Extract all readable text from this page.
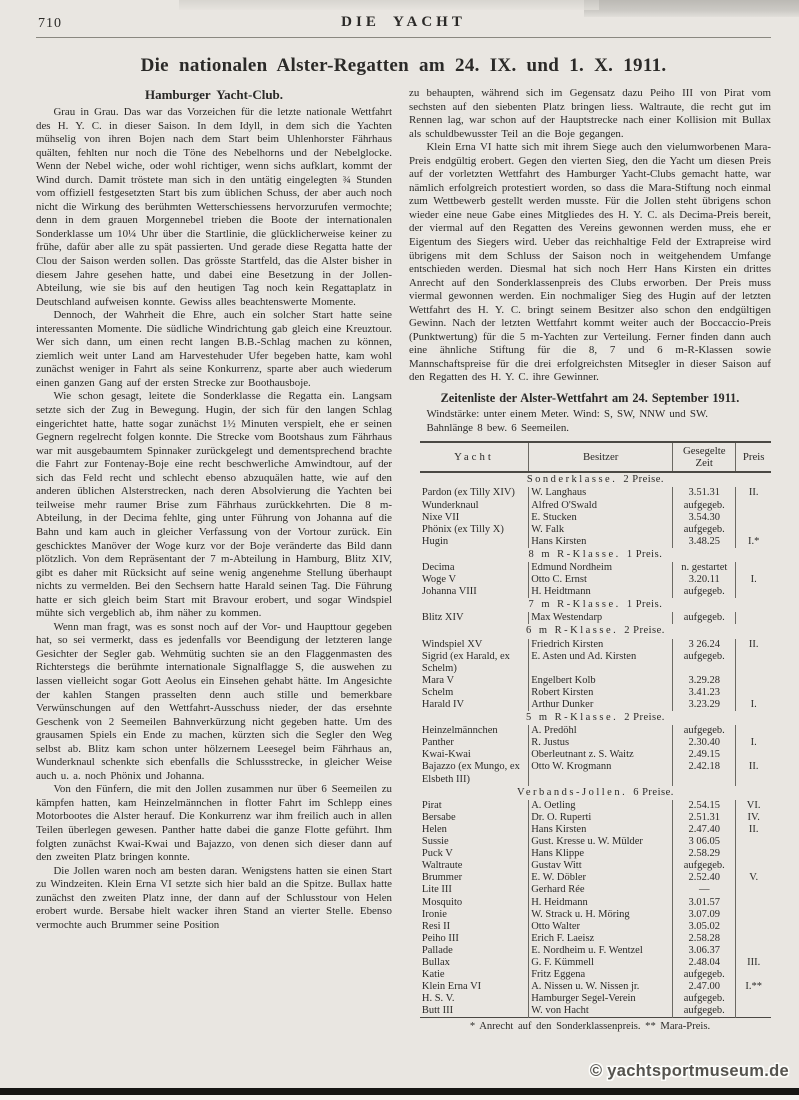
710	DIE YACHT
Die nationalen Alster-Regatten am 24. IX. und 1. X. 1911.
Hamburger Yacht-Club.

Grau in Grau. Das war das Vorzeichen für die letzte nationale Wettfahrt des H. Y. C. in dieser Saison. In dem Idyll, in dem sich die Yachten mühselig von ihren Bojen nach dem Start beim Uhlenhorster Fährhaus quälten, fehlten nur noch die Töne des Nebelhorns und der Nebelglocke. Wenn der Nebel wiche, oder wohl richtiger, wenn sichs aufklart, kommt der Wind durch. Damit tröstete man sich in den untätig eingelegten ¾ Stunden vom offiziell festgesetzten Start bis zum üblichen Schuss, der aber auch noch nicht die Wirkung des berühmten Wetterschiessens hervorzurufen vermochte; denn in dem grauen Morgennebel trieben die Boote der internationalen Sonderklasse um 10¼ Uhr über die Startlinie, die glücklicherweise keiner zu frühe, dafür aber alle zu spät passierten. Und gerade diese Regatta hatte der Clou der Saison werden sollen. Das grösste Startfeld, das die Alster bisher in diesem Jahre gesehen hatte, und dabei eine Besetzung in der Jollen-Abteilung, wie sie bis auf den heutigen Tag noch kein Regattaplatz in Deutschland aufweisen konnte. Gewiss alles beachtenswerte Momente.

Dennoch, der Wahrheit die Ehre, auch ein solcher Start hatte seine interessanten Momente. Die südliche Windrichtung gab gleich eine Kreuztour. Wer sich dann, um einen recht langen B.B.-Schlag machen zu können, ziemlich weit unter Land am Harvestehuder Ufer begeben hatte, kam wohl zunächst weniger in Fahrt als seine Konkurrenz, sparte aber auch wiederum einen ganzen Gang auf der ersten Strecke zur Boothausboje.

Wie schon gesagt, leitete die Sonderklasse die Regatta ein. Langsam setzte sich der Zug in Bewegung. Hugin, der sich für den langen Schlag eingerichtet hatte, hatte sogar zunächst 1½ Minuten verspielt, ehe er seinen Gegnern regelrecht folgen konnte. Die Strecke vom Bootshaus zum Fährhaus war mit ausgebaumtem Spinnaker zurückgelegt und dementsprechend brachte die Fahrt zur Fontenay-Boje eine recht beschwerliche Amwindtour, auf der sich das Feld recht und schlecht ebenso abzuquälen hatte, wie auf den anderen üblichen Alsterstrecken, nach deren Absolvierung die Yachten bei teilweise mehr raumer Brise zum Fährhaus zurückkehrten. Die 8 m-Abteilung, in der Decima fehlte, ging unter Führung von Johanna auf die Bahn und kam auch in gleicher Verfassung von der Vortour zurück. Ein geschicktes Manöver der Woge kurz vor der Boje veränderte das Bild dann plötzlich. Von dem Repräsentant der 7 m-Abteilung in Hamburg, Blitz XIV, gibt es daher mit Rücksicht auf seine wenig angenehme Stellung überhaupt nichts zu vermelden. Bei den Sechsern hatte Harald seinen Tag. Die Führung hatte er sich gleich beim Start mit Bravour erobert, und sogar Windspiel mühte sich vergeblich ab, ihm näher zu kommen.

Wenn man fragt, was es sonst noch auf der Vor- und Haupttour gegeben hat, so sei vermerkt, dass es jedenfalls vor Beendigung der letzteren lange Gesichter der Segler gab. Wehmütig suchten sie an den Flaggenmasten des Richterstegs die berühmte internationale Signalflagge S, die auswehen zu lassen vielleicht sogar Gott Aeolus ein Einsehen gehabt hätte. Im Angesichte der kahlen Stangen prasselten denn auch stille und bemerkbare Verwünschungen auf den Wettfahrt-Ausschuss nieder, der das ersehnte Geschenk von 2 Seemeilen Bahnverkürzung nicht gegeben hatte. Um des grausamen Spiels ein Ende zu machen, kürzten sich die Segler den Weg selbst ab. Blitz kam schon unter hölzernem Leesegel beim Fährhaus an, Wunderknaul schenkte sich ebenfalls die Schlussstrecke, in gleicher Weise auch u. a. noch Phönix und Johanna.

Von den Fünfern, die mit den Jollen zusammen nur über 6 Seemeilen zu kämpfen hatten, kam Heinzelmännchen in flotter Fahrt im Schlepp eines Motorbootes die Alster herauf. Die Konkurrenz war ihm freilich auch in allen Teilen überlegen gewesen. Panther hatte dabei die ganze Flotte geführt. Ihm folgten zunächst Kwai-Kwai und Bajazzo, von denen sich dieser dann auf den zweiten Platz bringen konnte.

Die Jollen waren noch am besten daran. Wenigstens hatten sie einen Start zu Windzeiten. Klein Erna VI setzte sich hier bald an die Spitze. Bullax hatte zunächst den zweiten Platz inne, der dann auf der Schlusstour von Helen erobert wurde. Bersabe hielt wacker ihren Stand an vierter Stelle. Ebenso vermochte auch Brummer seine Position

zu behaupten, während sich im Gegensatz dazu Peiho III von Pirat vom sechsten auf den siebenten Platz bringen liess. Waltraute, die recht gut im Rennen lag, war schon auf der Hauptstrecke nach einer Kollision mit Bullax als schuldbewusster Teil an die Boje gegangen.

Klein Erna VI hatte sich mit ihrem Siege auch den vielumworbenen Mara-Preis endgültig erobert. Gegen den vierten Sieg, den die Yacht um diesen Preis auf der vorletzten Wettfahrt des Hamburger Yacht-Clubs gemacht hatte, war nämlich erfolgreich protestiert worden, so dass die Mara-Stiftung noch einmal zum Wettbewerb gestellt werden musste. Für die Jollen steht übrigens schon wieder eine neue Gabe eines Mitgliedes des H. Y. C. als Decima-Preis bereit, der viermal auf den Regatten des Vereins gewonnen werden muss, ehe er Eigentum des Siegers wird. Ueber das reichhaltige Feld der Extrapreise wird übrigens mit dem Schluss der Saison noch in weitgehendem Umfange entschieden werden. Diesmal hat sich noch Herr Hans Kirsten ein drittes Anrecht auf den Sonderklassenpreis des Clubs erworben. Der Preis muss viermal gewonnen werden. Ein nochmaliger Sieg des Hugin auf der letzten Wettfahrt des H. Y. C. bringt seinem Besitzer also schon den endgültigen Gewinn. Nach der letzten Wettfahrt kommt weiter auch der Boccaccio-Preis (Punktwertung) für die 5 m-Yachten zur Verteilung. Ferner finden dann auch eine ähnliche Stiftung für die 8, 7 und 6 m-R-Klassen sowie Mannschaftspreise für die drei erfolgreichsten Mitsegler in dieser Saison auf den Regatten des H. Y. C. ihre Gewinner.

Zeitenliste der Alster-Wettfahrt am 24. September 1911.

Windstärke: unter einem Meter. Wind: S, SW, NNW und SW.

Bahnlänge 8 bew. 6 Seemeilen.

Yacht	Besitzer	Gesegelte Zeit	Preis
Sonderklasse. 2 Preise.			
Pardon (ex Tilly XIV)	W. Langhaus	3.51.31	II.
Wunderknaul	Alfred O'Swald	aufgegeb.	
Nixe VII	E. Stucken	3.54.30	
Phönix (ex Tilly X)	W. Falk	aufgegeb.	
Hugin	Hans Kirsten	3.48.25	I.*
8 m R-Klasse. 1 Preis.			
Decima	Edmund Nordheim	n. gestartet	
Woge V	Otto C. Ernst	3.20.11	I.
Johanna VIII	H. Heidtmann	aufgegeb.	
7 m R-Klasse. 1 Preis.			
Blitz XIV	Max Westendarp	aufgegeb.	
6 m R-Klasse. 2 Preise.			
Windspiel XV	Friedrich Kirsten	3 26.24	II.
Sigrid (ex Harald, ex Schelm)	E. Asten und Ad. Kirsten	aufgegeb.	
Mara V	Engelbert Kolb	3.29.28	
Schelm	Robert Kirsten	3.41.23	
Harald IV	Arthur Dunker	3.23.29	I.
5 m R-Klasse. 2 Preise.			
Heinzelmännchen	A. Predöhl	aufgegeb.	
Panther	R. Justus	2.30.40	I.
Kwai-Kwai	Oberleutnant z. S. Waitz	2.49.15	
Bajazzo (ex Mungo, ex Elsbeth III)	Otto W. Krogmann	2.42.18	II.
Verbands-Jollen. 6 Preise.			
Pirat	A. Oetling	2.54.15	VI.
Bersabe	Dr. O. Ruperti	2.51.31	IV.
Helen	Hans Kirsten	2.47.40	II.
Sussie	Gust. Kresse u. W. Mülder	3 06.05	
Puck V	Hans Klippe	2.58.29	
Waltraute	Gustav Witt	aufgegeb.	
Brummer	E. W. Döbler	2.52.40	V.
Lite III	Gerhard Rée	—	
Mosquito	H. Heidmann	3.01.57	
Ironie	W. Strack u. H. Möring	3.07.09	
Resi II	Otto Walter	3.05.02	
Peiho III	Erich F. Laeisz	2.58.28	
Pallade	E. Nordheim u. F. Wentzel	3.06.37	
Bullax	G. F. Kümmell	2.48.04	III.
Katie	Fritz Eggena	aufgegeb.	
Klein Erna VI	A. Nissen u. W. Nissen jr.	2.47.00	I.**
H. S. V.	Hamburger Segel-Verein	aufgegeb.	
Butt III	W. von Hacht	aufgegeb.	
* Anrecht auf den Sonderklassenpreis. ** Mara-Preis.
© yachtsportmuseum.de
